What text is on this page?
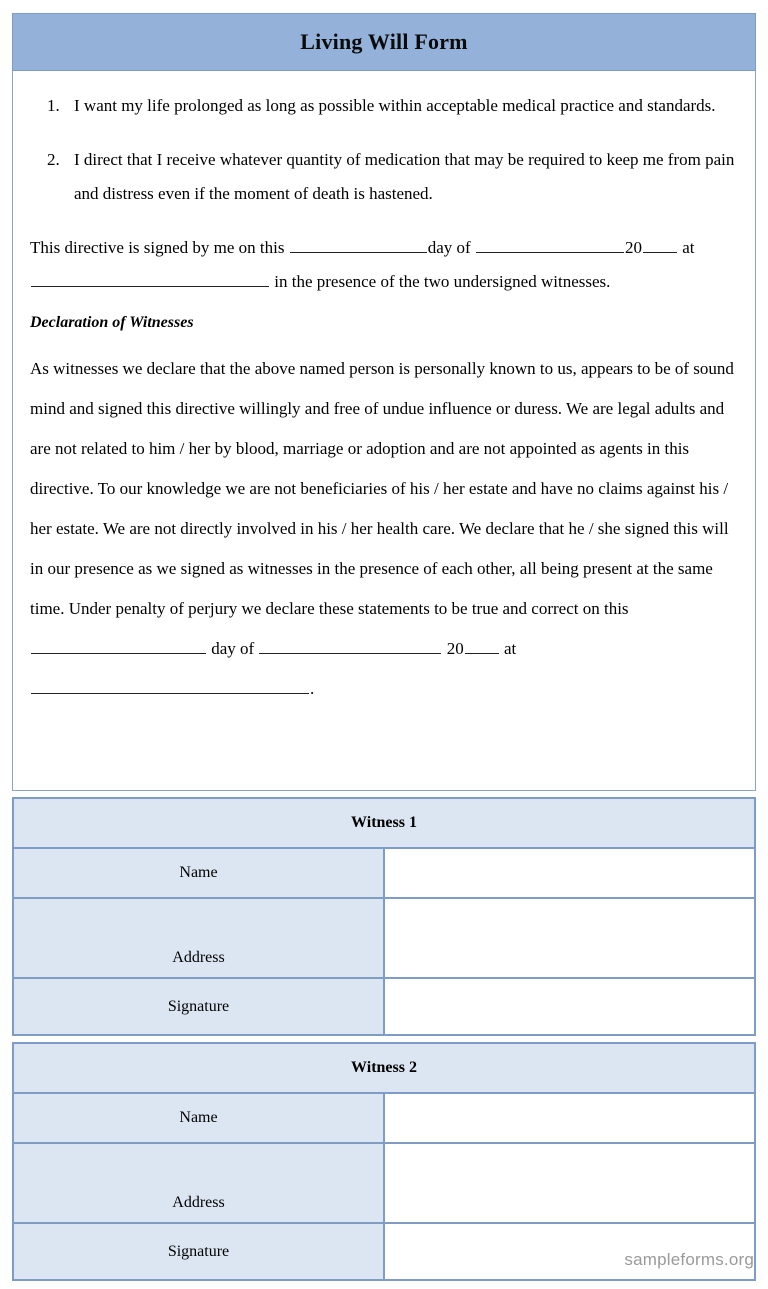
Living Will Form
1. I want my life prolonged as long as possible within acceptable medical practice and standards.
2. I direct that I receive whatever quantity of medication that may be required to keep me from pain and distress even if the moment of death is hastened.

This directive is signed by me on this	day of	20 at

in the presence of the two undersigned witnesses.

Declaration of Witnesses

As witnesses we declare that the above named person is personally known to us, appears to be of sound mind and signed this directive willingly and free of undue influence or duress. We are legal adults and are not related to him / her by blood, marriage or adoption and are not appointed as agents in this directive. To our knowledge we are not beneficiaries of his / her estate and have no claims against his / her estate. We are not directly involved in his / her health care. We declare that he / she signed this will in our presence as we signed as witnesses in the presence of each other, all being present at the same time. Under penalty of perjury we declare these statements to be true and correct on this  day of	20 at .

Witness 1	
Name	
Address	
Signature	
Witness 2	
Name	
Address	
Signature		sampleforms.org
